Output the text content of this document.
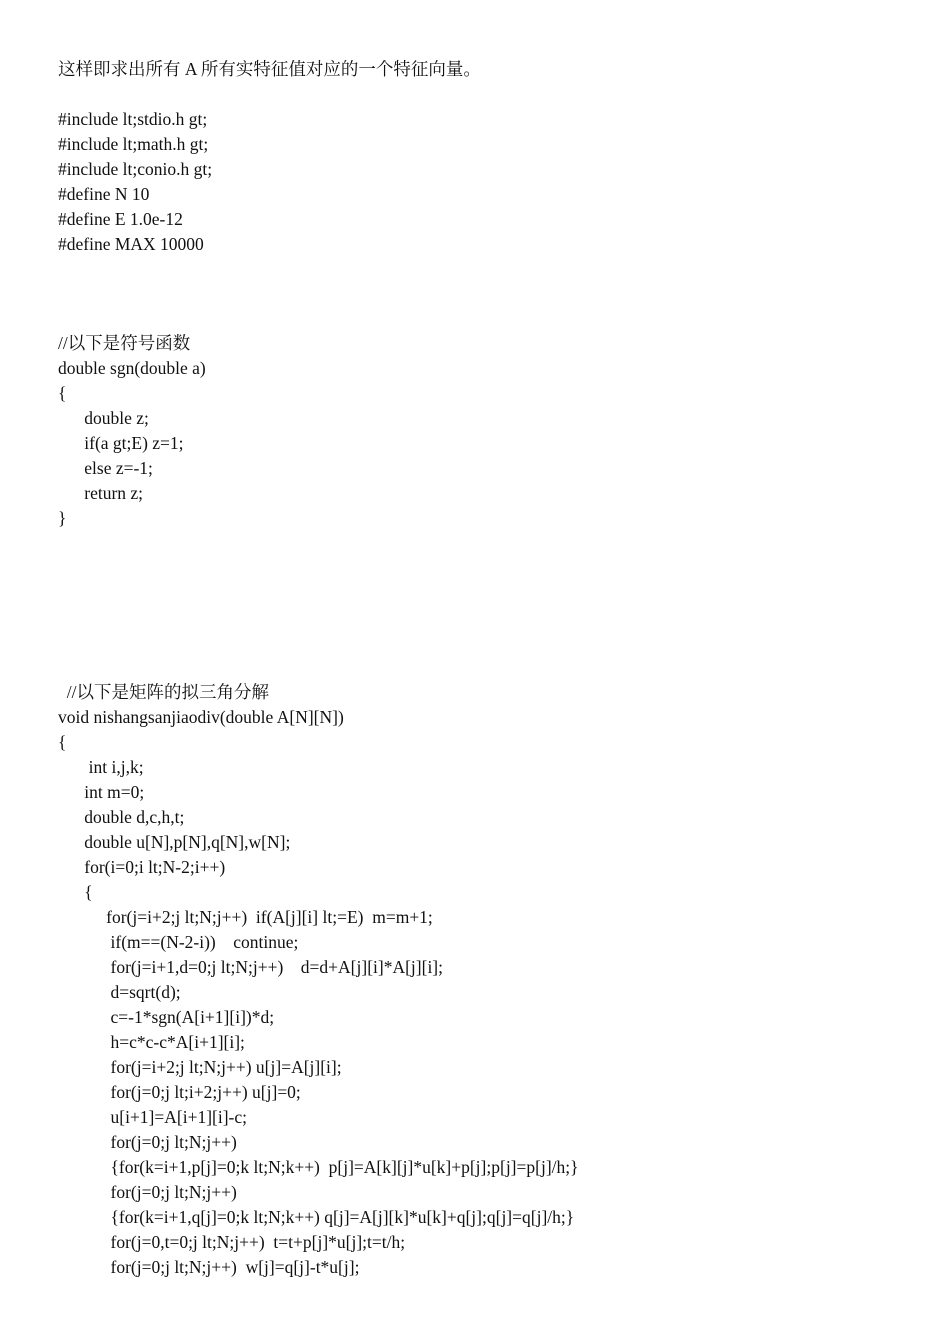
这样即求出所有 A 所有实特征值对应的一个特征向量。
#include lt;stdio.h gt;
#include lt;math.h gt;
#include lt;conio.h gt;
#define N 10
#define E 1.0e-12
#define MAX 10000
//以下是符号函数
double sgn(double a)
{
double z;
if(a gt;E) z=1;
else z=-1;
return z;
}
//以下是矩阵的拟三角分解
void nishangsanjiaodiv(double A[N][N])
{
int i,j,k;
int m=0;
double d,c,h,t;
double u[N],p[N],q[N],w[N];
for(i=0;i lt;N-2;i++)
{
for(j=i+2;j lt;N;j++)  if(A[j][i] lt;=E)  m=m+1;
if(m==(N-2-i))    continue;
for(j=i+1,d=0;j lt;N;j++)    d=d+A[j][i]*A[j][i];
d=sqrt(d);
c=-1*sgn(A[i+1][i])*d;
h=c*c-c*A[i+1][i];
for(j=i+2;j lt;N;j++) u[j]=A[j][i];
for(j=0;j lt;i+2;j++) u[j]=0;
u[i+1]=A[i+1][i]-c;
for(j=0;j lt;N;j++)
{for(k=i+1,p[j]=0;k lt;N;k++)  p[j]=A[k][j]*u[k]+p[j];p[j]=p[j]/h;}
for(j=0;j lt;N;j++)
{for(k=i+1,q[j]=0;k lt;N;k++) q[j]=A[j][k]*u[k]+q[j];q[j]=q[j]/h;}
for(j=0,t=0;j lt;N;j++)  t=t+p[j]*u[j];t=t/h;
for(j=0;j lt;N;j++)  w[j]=q[j]-t*u[j];
